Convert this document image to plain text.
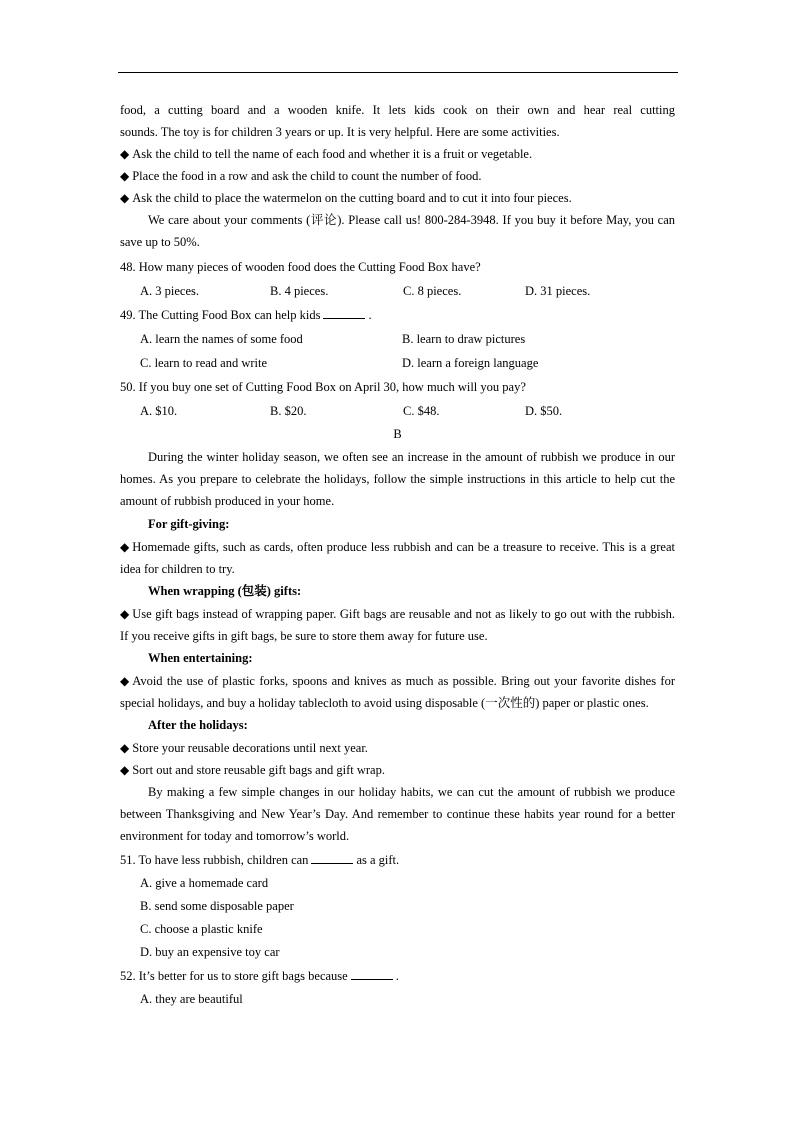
food, a cutting board and a wooden knife. It lets kids cook on their own and hear real cutting

sounds. The toy is for children 3 years or up. It is very helpful. Here are some activities.

◆ Ask the child to tell the name of each food and whether it is a fruit or vegetable.

◆ Place the food in a row and ask the child to count the number of food.

◆ Ask the child to place the watermelon on the cutting board and to cut it into four pieces.

We care about your comments (评论). Please call us! 800-284-3948. If you buy it before May, you can save up to 50%.

48. How many pieces of wooden food does the Cutting Food Box have?

A. 3 pieces.	B. 4 pieces.	C. 8 pieces.	D. 31 pieces.

49. The Cutting Food Box can help kids	.

A. learn the names of some food	B. learn to draw pictures
C. learn to read and write	D. learn a foreign language

50. If you buy one set of Cutting Food Box on April 30, how much will you pay?

A. $10.	B. $20.	C. $48.	D. $50.

B

During the winter holiday season, we often see an increase in the amount of rubbish we produce in our homes. As you prepare to celebrate the holidays, follow the simple instructions in this article to help cut the amount of rubbish produced in your home.

For gift-giving:

◆ Homemade gifts, such as cards, often produce less rubbish and can be a treasure to receive. This is a great idea for children to try.

When wrapping (包装) gifts:

◆ Use gift bags instead of wrapping paper. Gift bags are reusable and not as likely to go out with the rubbish. If you receive gifts in gift bags, be sure to store them away for future use.

When entertaining:

◆ Avoid the use of plastic forks, spoons and knives as much as possible. Bring out your favorite dishes for special holidays, and buy a holiday tablecloth to avoid using disposable (一次性的) paper or plastic ones.

After the holidays:

◆ Store your reusable decorations until next year.

◆ Sort out and store reusable gift bags and gift wrap.

By making a few simple changes in our holiday habits, we can cut the amount of rubbish we produce between Thanksgiving and New Year’s Day. And remember to continue these habits year round for a better environment for today and tomorrow’s world.

51. To have less rubbish, children can	as a gift.

A. give a homemade card

B. send some disposable paper

C. choose a plastic knife

D. buy an expensive toy car

52. It’s better for us to store gift bags because	.

A. they are beautiful
